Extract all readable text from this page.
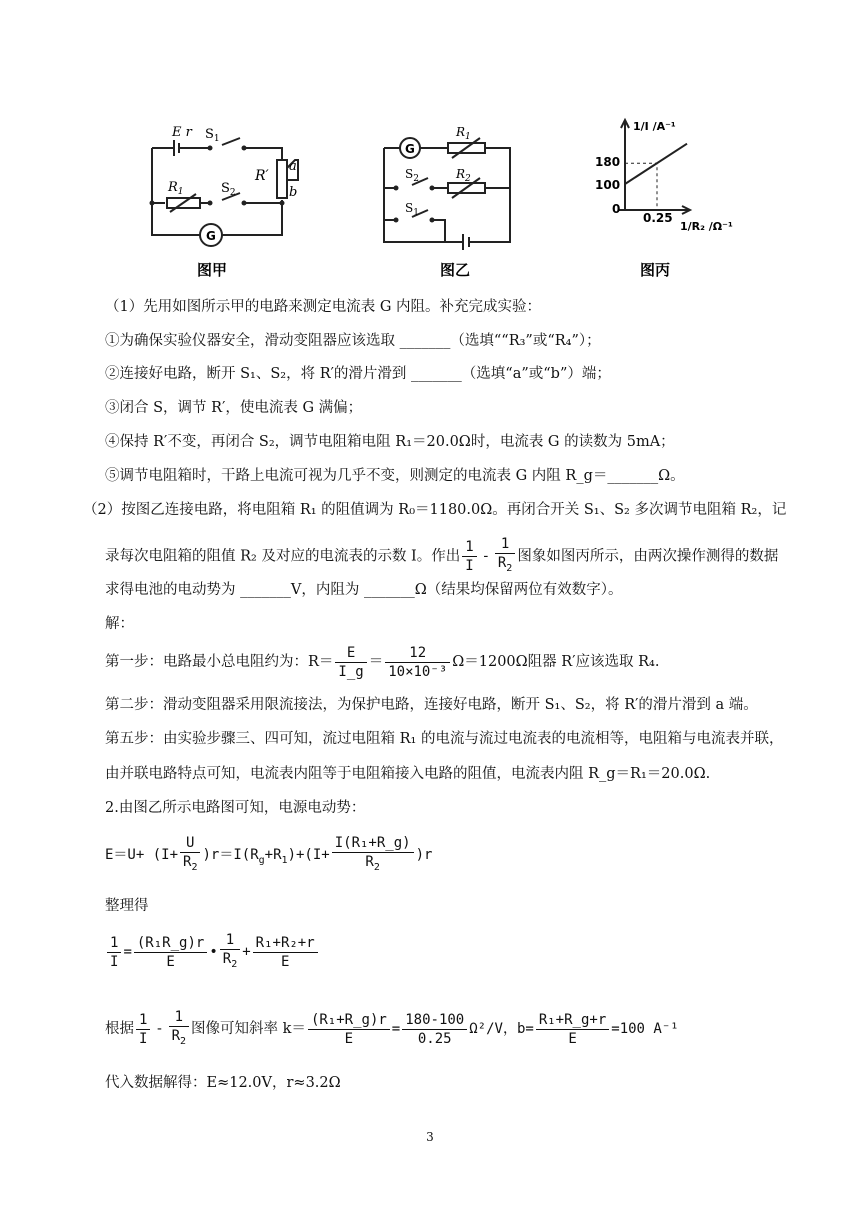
E r $S_1$
$R_1$	$S_2$
R′
a
b
G
图甲
G
$R_1$
$S_2$	$R_2$
$S_1$
图乙
1/I /A⁻¹
180
100
0
0.25
1/R₂ /Ω⁻¹
图丙
（1）先用如图所示甲的电路来测定电流表 G 内阻。补充完成实验：
①为确保实验仪器安全，滑动变阻器应该选取 _______（选填““R₃”或“R₄”）；
②连接好电路，断开 S₁、S₂，将 R′的滑片滑到 _______（选填“a”或“b”）端；
③闭合 S，调节 R′，使电流表 G 满偏；
④保持 R′不变，再闭合 S₂，调节电阻箱电阻 R₁＝20.0Ω时，电流表 G 的读数为 5mA；
⑤调节电阻箱时，干路上电流可视为几乎不变，则测定的电流表 G 内阻 R_g＝_______Ω。
（2）按图乙连接电路，将电阻箱 R₁ 的阻值调为 R₀＝1180.0Ω。再闭合开关 S₁、S₂ 多次调节电阻箱 R₂，记
录每次电阻箱的阻值 R₂ 及对应的电流表的示数 I。作出 $\frac{1}{I} - \frac{1}{R_2}$ 图象如图丙所示，由两次操作测得的数据
求得电池的电动势为 _______V，内阻为 _______Ω（结果均保留两位有效数字）。
解：
第一步：电路最小总电阻约为：$R= \frac{E}{I\_g} = \frac{12}{\text{10×10⁻³}} \Omega=1200\Omega$阻器 R′应该选取 R₄.
第二步：滑动变阻器采用限流接法，为保护电路，连接好电路，断开 S₁、S₂，将 R′的滑片滑到 a 端。
第五步：由实验步骤三、四可知，流过电阻箱 R₁ 的电流与流过电流表的电流相等，电阻箱与电流表并联，
由并联电路特点可知，电流表内阻等于电阻箱接入电路的阻值，电流表内阻 R_g＝R₁＝20.0Ω.
2.由图乙所示电路图可知，电源电动势：
$E=U+ (I+ \frac{U}{R_2} )r=I(R_g+R_1)+(I+ \frac{\text{I(R₁+R\_g)}}{R_2} )r$
整理得
$\frac{1}{I} = \frac{\text{(R₁R\_g)r}}{E}$ • $\frac{1}{R_2} + \frac{\text{R₁+R₂+r}}{E}$
根据 $\frac{1}{I} - \frac{1}{R_2}$ 图像可知斜率 $k= \frac{\text{(R₁+R\_g)r}}{E} = \frac{180-100}{0.25} \Omega^2/V$，$b= \frac{\text{R₁+R\_g+r}}{E} =100$ A⁻¹
代入数据解得：E≈12.0V，r≈3.2Ω
3
